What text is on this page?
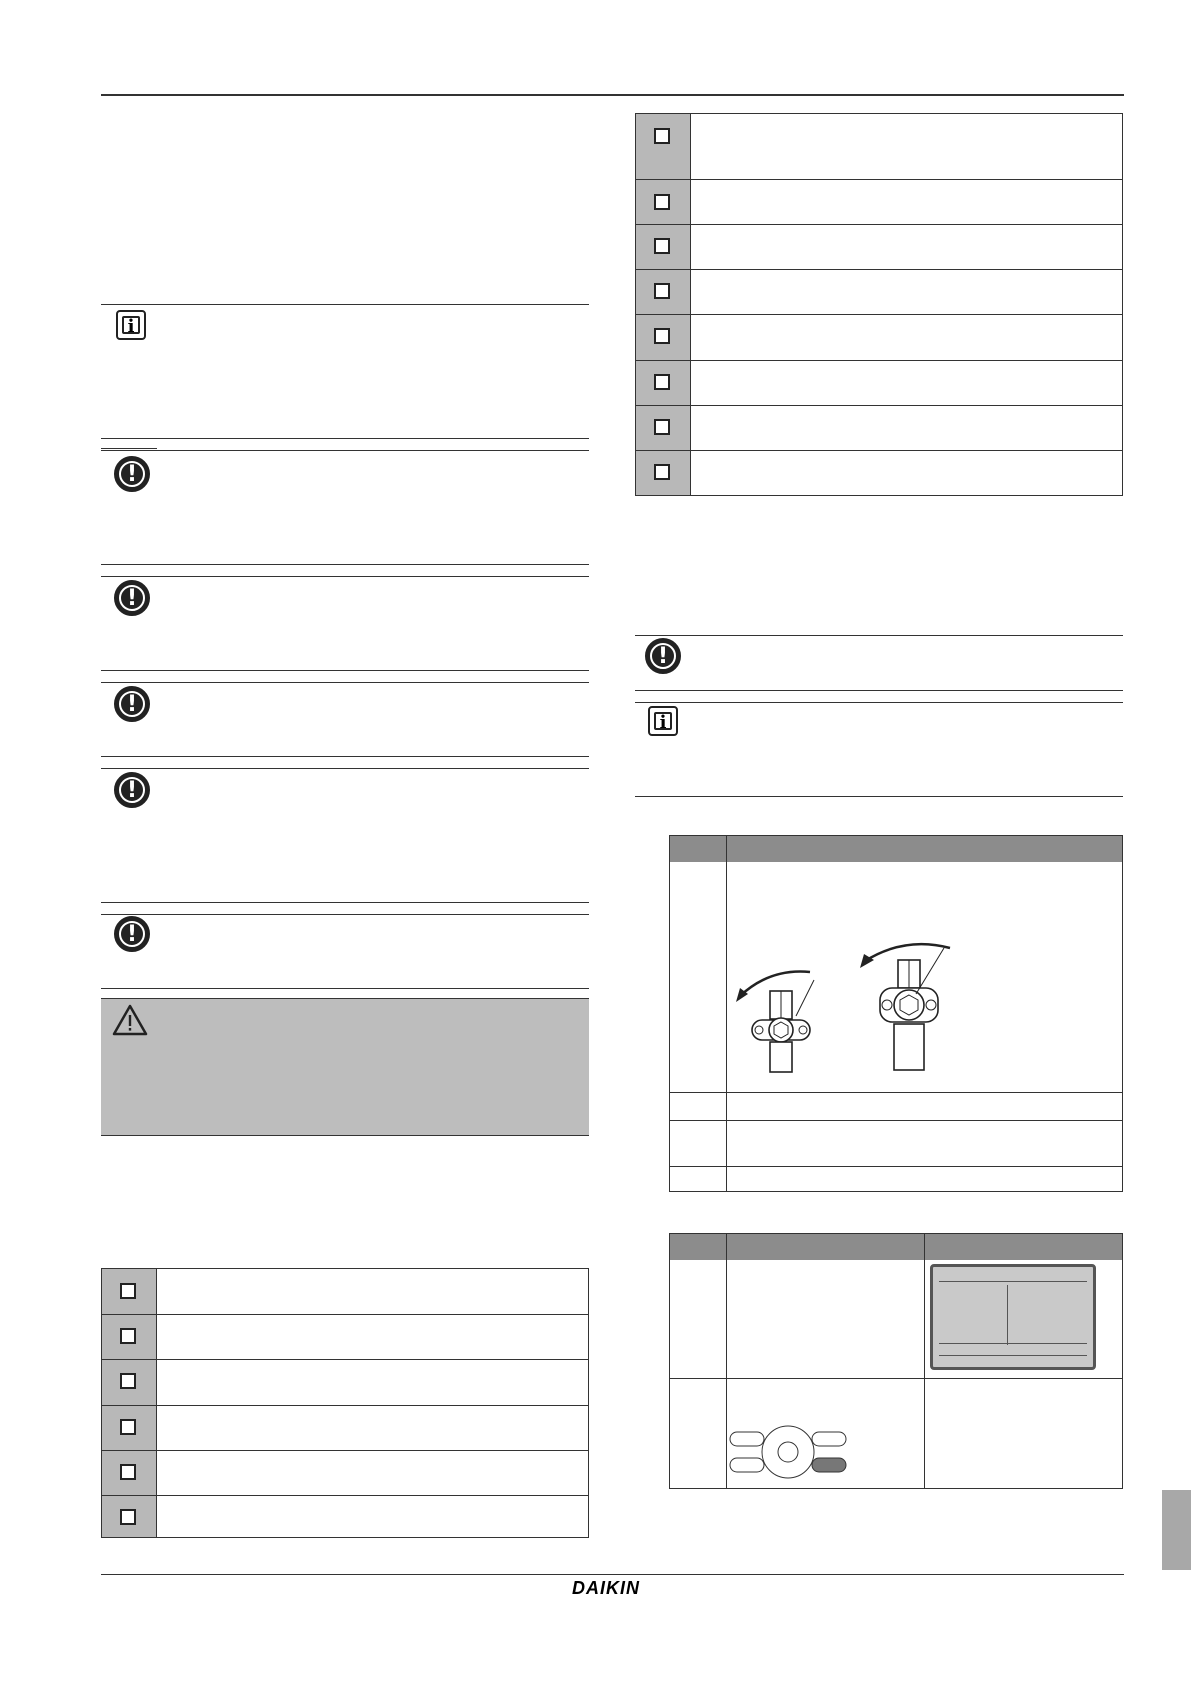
i
!
!
!
!
!
!
i
DAIKIN
